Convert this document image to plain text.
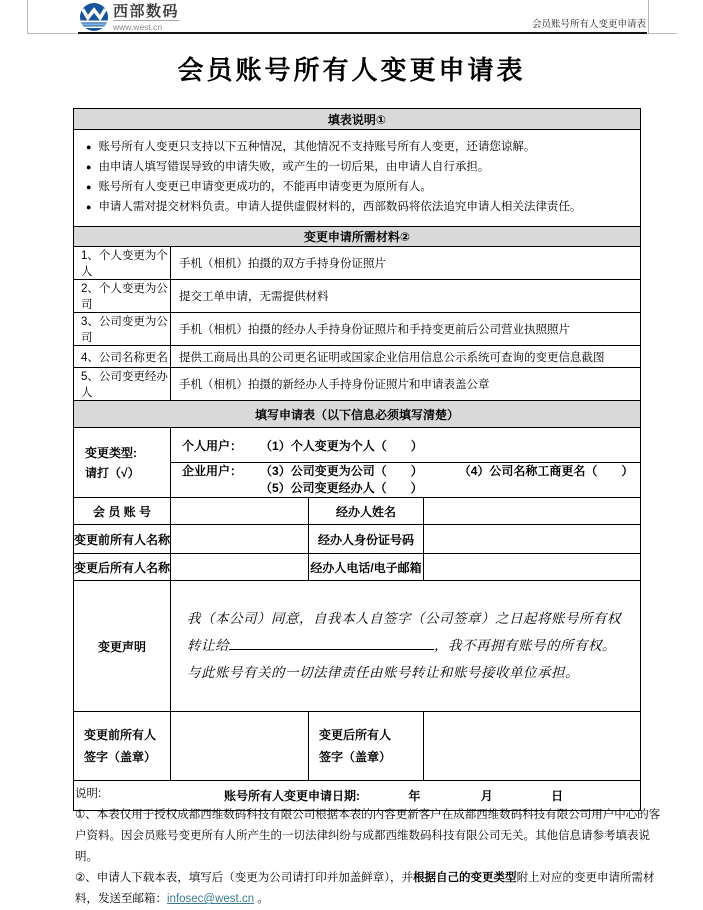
西部数码
www.west.cn	会员账号所有人变更申请表
会员账号所有人变更申请表
填表说明①

● 账号所有人变更只支持以下五种情况，其他情况不支持账号所有人变更，还请您谅解。
● 由申请人填写错误导致的申请失败，或产生的一切后果，由申请人自行承担。
● 账号所有人变更已申请变更成功的，不能再申请变更为原所有人。
● 申请人需对提交材料负责。申请人提供虚假材料的，西部数码将依法追究申请人相关法律责任。
变更申请所需材料②	
1、个人变更为个人	手机（相机）拍摄的双方手持身份证照片
2、个人变更为公司	提交工单申请，无需提供材料
3、公司变更为公司	手机（相机）拍摄的经办人手持身份证照片和手持变更前后公司营业执照照片
4、公司名称更名	提供工商局出具的公司更名证明或国家企业信用信息公示系统可查询的变更信息截图
5、公司变更经办人	手机（相机）拍摄的新经办人手持身份证照片和申请表盖公章
填写申请表（以下信息必须填写清楚）			

变更类型:
请打（√）	个人用户： （1）个人变更为个人（　　）		

	企业用户： （3）公司变更为公司（　　） （4）公司名称工商更名（　　）
（5）公司变更经办人（　　）		

会 员 账 号		经办人姓名	
变更前所有人名称		经办人身份证号码	
变更后所有人名称		经办人电话/电子邮箱	
变更声明	我（本公司）同意，自我本人自签字（公司签章）之日起将账号所有权转让给 ，我不再拥有账号的所有权。与此账号有关的一切法律责任由账号转让和账号接收单位承担。		

变更前所有人
签字（盖章）

变更后所有人
签字（盖章）

账号所有人变更申请日期: 年 月 日			
说明:
①、本表仅用于授权成都西维数码科技有限公司根据本表的内容更新客户在成都西维数码科技有限公司用户中心的客户资料。因会员账号变更所有人所产生的一切法律纠纷与成都西维数码科技有限公司无关。其他信息请参考填表说明。
②、申请人下载本表，填写后（变更为公司请打印并加盖鲜章），并根据自己的变更类型附上对应的变更申请所需材料，发送至邮箱：infosec@west.cn 。
